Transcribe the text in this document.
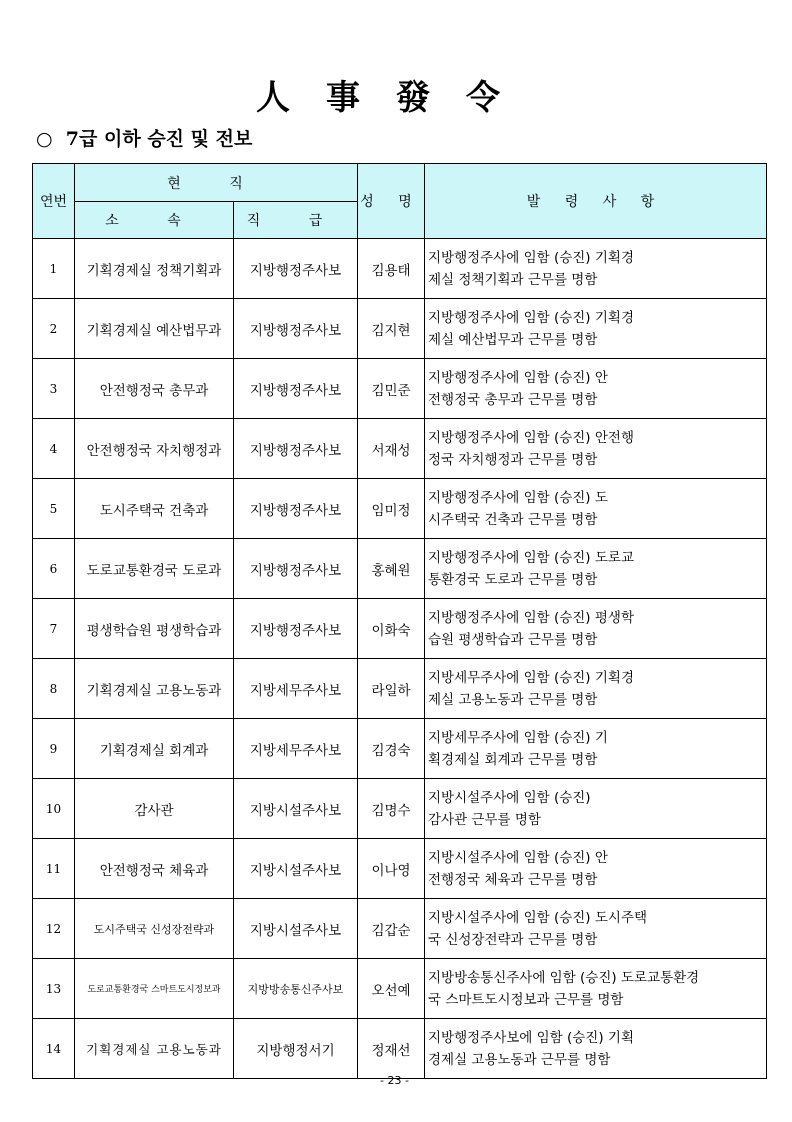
人事發令
○  7급 이하 승진 및 전보
연번	현 직		성 명	발 령 사 항
	소 속	직 급		
1	기획경제실 정책기획과	지방행정주사보	김용태	지방행정주사에 임함 (승진) 기획경
제실 정책기획과 근무를 명함

2	기획경제실 예산법무과	지방행정주사보	김지현	지방행정주사에 임함 (승진) 기획경
제실 예산법무과 근무를 명함

3	안전행정국 총무과	지방행정주사보	김민준	지방행정주사에 임함 (승진) 안
전행정국 총무과 근무를 명함

4	안전행정국 자치행정과	지방행정주사보	서재성	지방행정주사에 임함 (승진) 안전행
정국 자치행정과 근무를 명함

5	도시주택국 건축과	지방행정주사보	임미정	지방행정주사에 임함 (승진) 도
시주택국 건축과 근무를 명함

6	도로교통환경국 도로과	지방행정주사보	홍혜원	지방행정주사에 임함 (승진) 도로교
통환경국 도로과 근무를 명함

7	평생학습원 평생학습과	지방행정주사보	이화숙	지방행정주사에 임함 (승진) 평생학
습원 평생학습과 근무를 명함

8	기획경제실 고용노동과	지방세무주사보	라일하	지방세무주사에 임함 (승진) 기획경
제실 고용노동과 근무를 명함

9	기획경제실 회계과	지방세무주사보	김경숙	지방세무주사에 임함 (승진) 기
획경제실 회계과 근무를 명함

10	감사관	지방시설주사보	김명수	지방시설주사에 임함 (승진)
감사관 근무를 명함

11	안전행정국 체육과	지방시설주사보	이나영	지방시설주사에 임함 (승진) 안
전행정국 체육과 근무를 명함

12	도시주택국 신성장전략과	지방시설주사보	김갑순	지방시설주사에 임함 (승진) 도시주택
국 신성장전략과 근무를 명함

13	도로교통환경국 스마트도시정보과	지방방송통신주사보	오선예	지방방송통신주사에 임함 (승진) 도로교통환경
국 스마트도시정보과 근무를 명함

14	기획경제실 고용노동과	지방행정서기	정재선	지방행정주사보에 임함 (승진) 기획
경제실 고용노동과 근무를 명함
- 23 -
